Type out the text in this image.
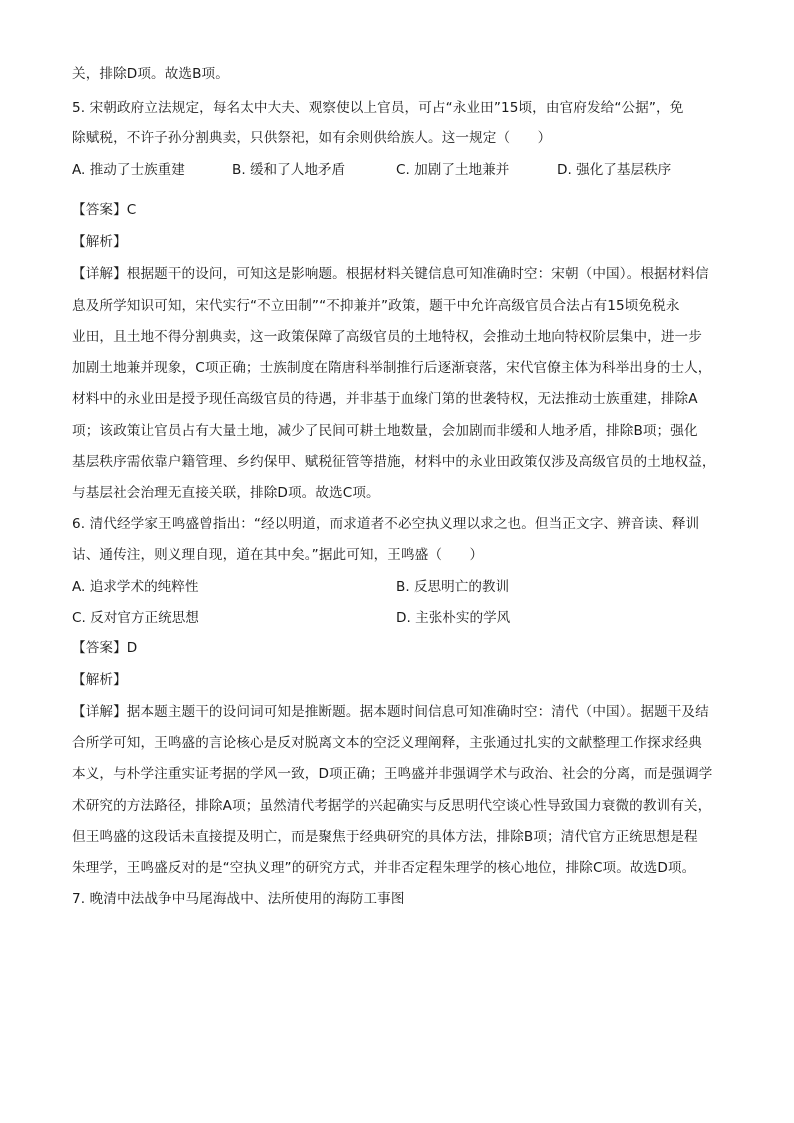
关，排除D项。故选B项。
5. 宋朝政府立法规定，每名太中大夫、观察使以上官员，可占“永业田”15顷，由官府发给“公据”，免
除赋税，不许子孙分割典卖，只供祭祀，如有余则供给族人。这一规定（　　）
A. 推动了士族重建	B. 缓和了人地矛盾	C. 加剧了土地兼并	D. 强化了基层秩序
【答案】C
【解析】
【详解】根据题干的设问，可知这是影响题。根据材料关键信息可知准确时空：宋朝（中国）。根据材料信
息及所学知识可知，宋代实行“不立田制”“不抑兼并”政策，题干中允许高级官员合法占有15顷免税永
业田，且土地不得分割典卖，这一政策保障了高级官员的土地特权，会推动土地向特权阶层集中，进一步
加剧土地兼并现象，C项正确；士族制度在隋唐科举制推行后逐渐衰落，宋代官僚主体为科举出身的士人，
材料中的永业田是授予现任高级官员的待遇，并非基于血缘门第的世袭特权，无法推动士族重建，排除A
项；该政策让官员占有大量土地，减少了民间可耕土地数量，会加剧而非缓和人地矛盾，排除B项；强化
基层秩序需依靠户籍管理、乡约保甲、赋税征管等措施，材料中的永业田政策仅涉及高级官员的土地权益，
与基层社会治理无直接关联，排除D项。故选C项。
6. 清代经学家王鸣盛曾指出：“经以明道，而求道者不必空执义理以求之也。但当正文字、辨音读、释训
诂、通传注，则义理自现，道在其中矣。”据此可知，王鸣盛（　　）
A. 追求学术的纯粹性	B. 反思明亡的教训
C. 反对官方正统思想	D. 主张朴实的学风
【答案】D
【解析】
【详解】据本题主题干的设问词可知是推断题。据本题时间信息可知准确时空：清代（中国）。据题干及结
合所学可知，王鸣盛的言论核心是反对脱离文本的空泛义理阐释，主张通过扎实的文献整理工作探求经典
本义，与朴学注重实证考据的学风一致，D项正确；王鸣盛并非强调学术与政治、社会的分离，而是强调学
术研究的方法路径，排除A项；虽然清代考据学的兴起确实与反思明代空谈心性导致国力衰微的教训有关，
但王鸣盛的这段话未直接提及明亡，而是聚焦于经典研究的具体方法，排除B项；清代官方正统思想是程
朱理学，王鸣盛反对的是“空执义理”的研究方式，并非否定程朱理学的核心地位，排除C项。故选D项。
7. 晚清中法战争中马尾海战中、法所使用的海防工事图
